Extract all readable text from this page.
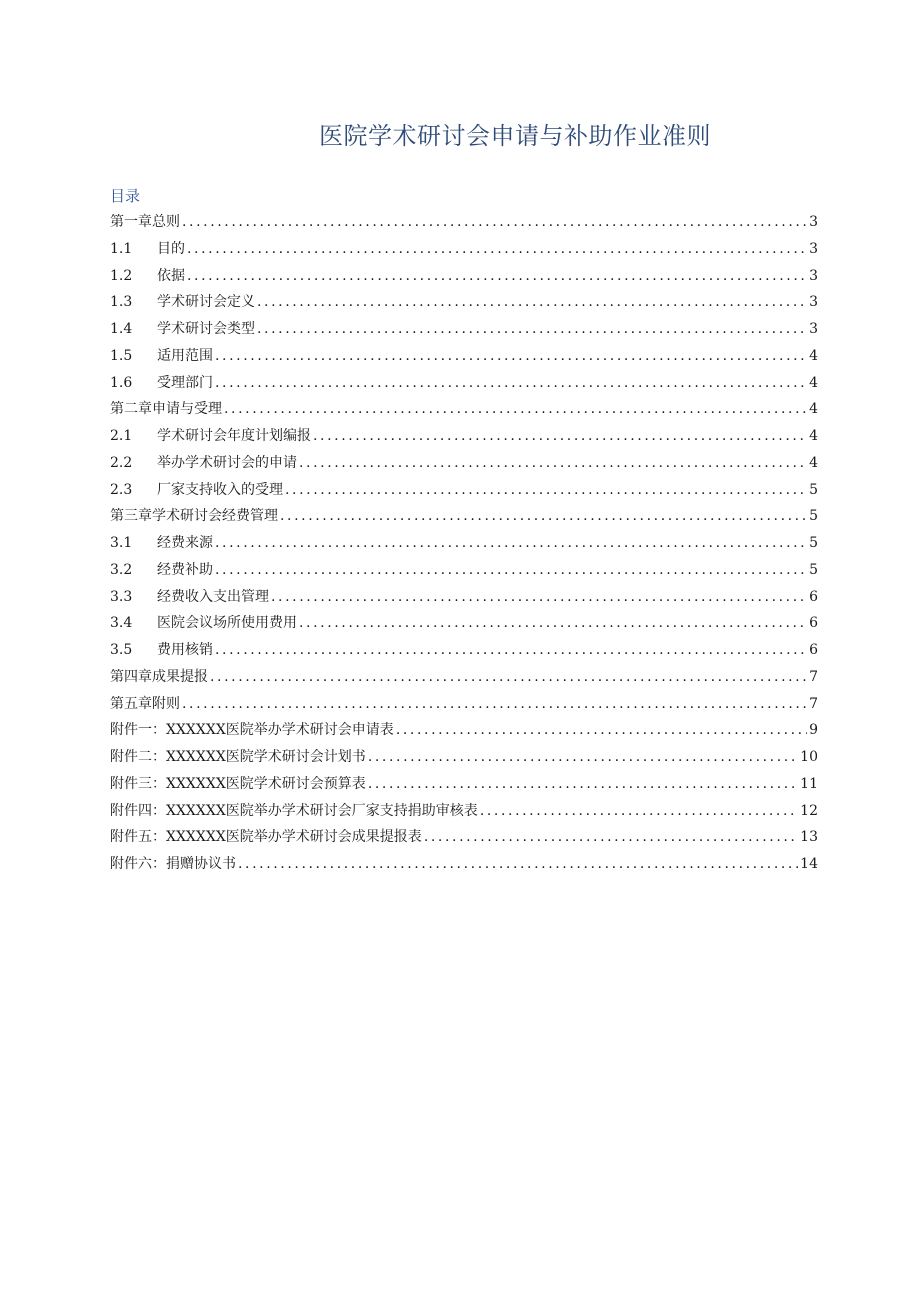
医院学术研讨会申请与补助作业准则
目录
第一章总则 .....	3
1.1	目的 .....	3
1.2	依据 .....	3
1.3	学术研讨会定义 .....	3
1.4	学术研讨会类型 .....	3
1.5	适用范围 .....	4
1.6	受理部门 .....	4
第二章申请与受理 .....	4
2.1	学术研讨会年度计划编报 .....	4
2.2	举办学术研讨会的申请 .....	4
2.3	厂家支持收入的受理 .....	5
第三章学术研讨会经费管理 .....	5
3.1	经费来源 .....	5
3.2	经费补助 .....	5
3.3	经费收入支出管理 .....	6
3.4	医院会议场所使用费用 .....	6
3.5	费用核销 .....	6
第四章成果提报 .....	7
第五章附则 .....	7
附件一：XXXXXX医院举办学术研讨会申请表 .....	9
附件二：XXXXXX医院学术研讨会计划书 .....	10
附件三：XXXXXX医院学术研讨会预算表 .....	11
附件四：XXXXXX医院举办学术研讨会厂家支持捐助审核表 .....	12
附件五：XXXXXX医院举办学术研讨会成果提报表 .....	13
附件六：捐赠协议书 .....	14
